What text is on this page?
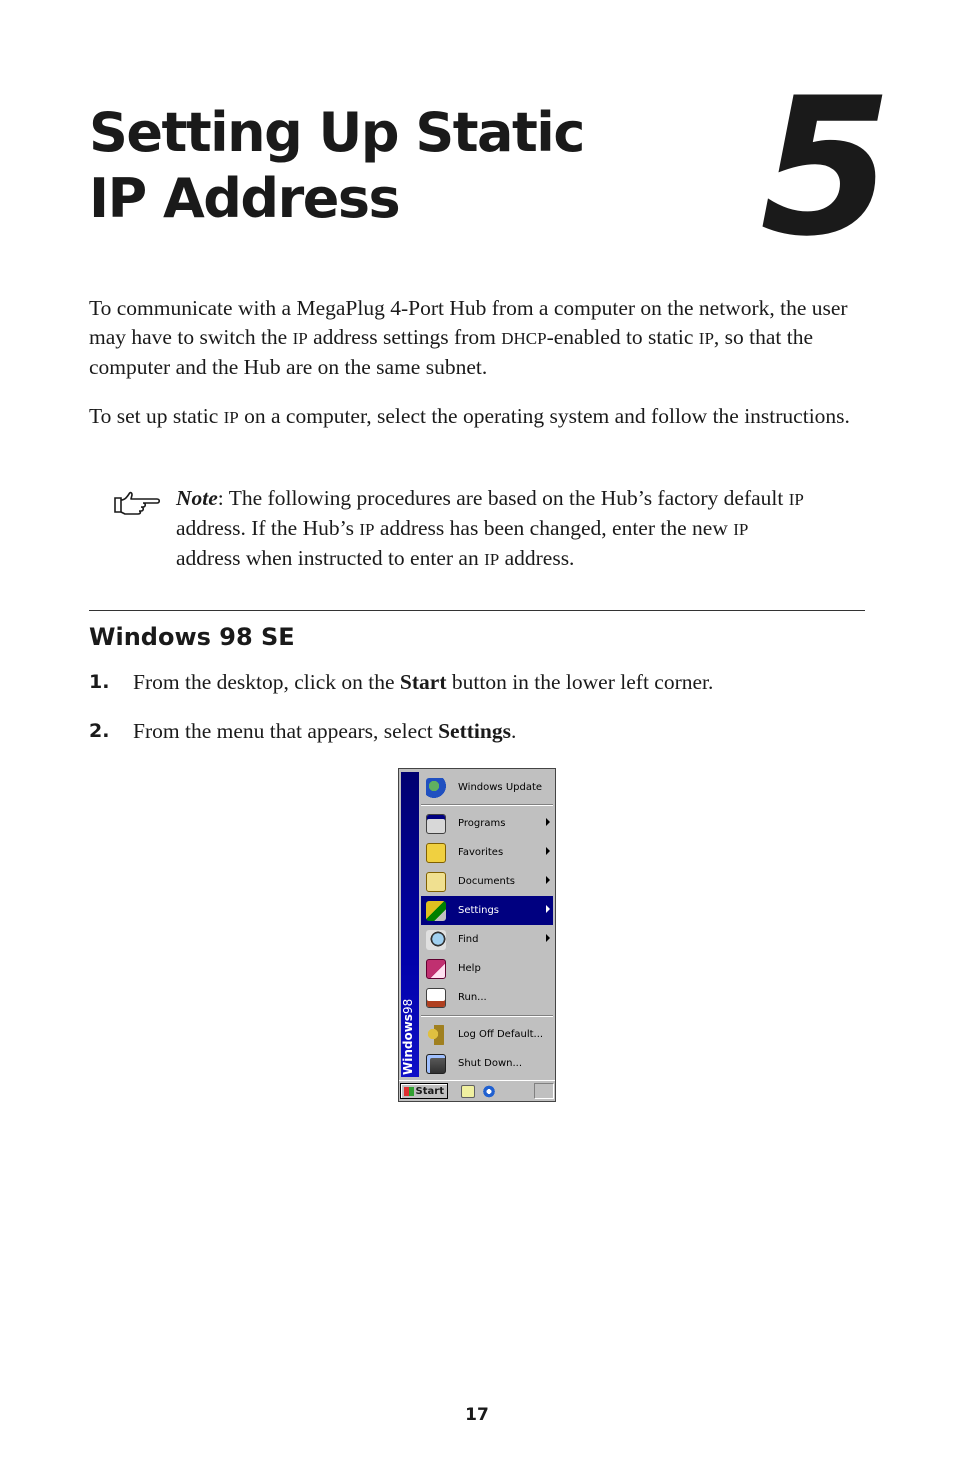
Setting Up Static
IP Address	5

To communicate with a MegaPlug 4-Port Hub from a computer on the network, the user may have to switch the IP address settings from DHCP-enabled to static IP, so that the computer and the Hub are on the same subnet.

To set up static IP on a computer, select the operating system and follow the instructions.

Note: The following procedures are based on the Hub’s factory default IP address. If the Hub’s IP address has been changed, enter the new IP address when instructed to enter an IP address.

Windows 98 SE
1. From the desktop, click on the Start button in the lower left corner.
2. From the menu that appears, select Settings.
Windows98
Windows Update
Programs
Favorites
Documents
Settings
Find
Help
Run...
Log Off Default...
Shut Down...
Start
17
